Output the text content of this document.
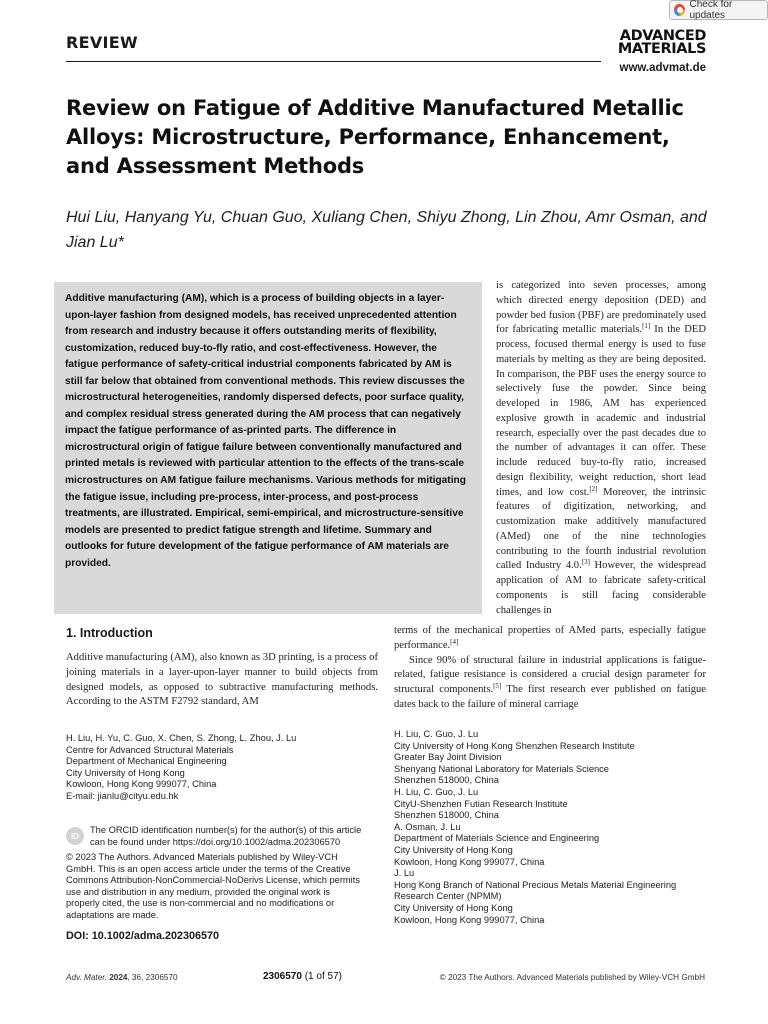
Check for updates
REVIEW	ADVANCED
MATERIALS
www.advmat.de
Review on Fatigue of Additive Manufactured Metallic Alloys: Microstructure, Performance, Enhancement, and Assessment Methods
Hui Liu, Hanyang Yu, Chuan Guo, Xuliang Chen, Shiyu Zhong, Lin Zhou, Amr Osman, and Jian Lu*
Additive manufacturing (AM), which is a process of building objects in a layer-upon-layer fashion from designed models, has received unprecedented attention from research and industry because it offers outstanding merits of flexibility, customization, reduced buy-to-fly ratio, and cost-effectiveness. However, the fatigue performance of safety-critical industrial components fabricated by AM is still far below that obtained from conventional methods. This review discusses the microstructural heterogeneities, randomly dispersed defects, poor surface quality, and complex residual stress generated during the AM process that can negatively impact the fatigue performance of as-printed parts. The difference in microstructural origin of fatigue failure between conventionally manufactured and printed metals is reviewed with particular attention to the effects of the trans-scale microstructures on AM fatigue failure mechanisms. Various methods for mitigating the fatigue issue, including pre-process, inter-process, and post-process treatments, are illustrated. Empirical, semi-empirical, and microstructure-sensitive models are presented to predict fatigue strength and lifetime. Summary and outlooks for future development of the fatigue performance of AM materials are provided.
is categorized into seven processes, among which directed energy deposition (DED) and powder bed fusion (PBF) are predominately used for fabricating metallic materials.[1] In the DED process, focused thermal energy is used to fuse materials by melting as they are being deposited. In comparison, the PBF uses the energy source to selectively fuse the powder. Since being developed in 1986, AM has experienced explosive growth in academic and industrial research, especially over the past decades due to the number of advantages it can offer. These include reduced buy-to-fly ratio, increased design flexibility, weight reduction, short lead times, and low cost.[2] Moreover, the intrinsic features of digitization, networking, and customization make additively manufactured (AMed) one of the nine technologies contributing to the fourth industrial revolution called Industry 4.0.[3] However, the widespread application of AM to fabricate safety-critical components is still facing considerable challenges in

terms of the mechanical properties of AMed parts, especially fatigue performance.[4]

Since 90% of structural failure in industrial applications is fatigue-related, fatigue resistance is considered a crucial design parameter for structural components.[5] The first research ever published on fatigue dates back to the failure of mineral carriage

1. Introduction

Additive manufacturing (AM), also known as 3D printing, is a process of joining materials in a layer-upon-layer manner to build objects from designed models, as opposed to subtractive manufacturing methods. According to the ASTM F2792 standard, AM

H. Liu, H. Yu, C. Guo, X. Chen, S. Zhong, L. Zhou, J. Lu
Centre for Advanced Structural Materials
Department of Mechanical Engineering
City University of Hong Kong
Kowloon, Hong Kong 999077, China
E-mail: jianlu@cityu.edu.hk
H. Liu, C. Guo, J. Lu
City University of Hong Kong Shenzhen Research Institute
Greater Bay Joint Division
Shenyang National Laboratory for Materials Science
Shenzhen 518000, China
H. Liu, C. Guo, J. Lu
CityU-Shenzhen Futian Research Institute
Shenzhen 518000, China
A. Osman, J. Lu
Department of Materials Science and Engineering
City University of Hong Kong
Kowloon, Hong Kong 999077, China
J. Lu
Hong Kong Branch of National Precious Metals Material Engineering
Research Center (NPMM)
City University of Hong Kong
Kowloon, Hong Kong 999077, China
ID
The ORCID identification number(s) for the author(s) of this article can be found under https://doi.org/10.1002/adma.202306570
© 2023 The Authors. Advanced Materials published by Wiley-VCH GmbH. This is an open access article under the terms of the Creative Commons Attribution-NonCommercial-NoDerivs License, which permits use and distribution in any medium, provided the original work is properly cited, the use is non-commercial and no modifications or adaptations are made.
DOI: 10.1002/adma.202306570
Adv. Mater. 2024, 36, 2306570	2306570 (1 of 57)	© 2023 The Authors. Advanced Materials published by Wiley-VCH GmbH
